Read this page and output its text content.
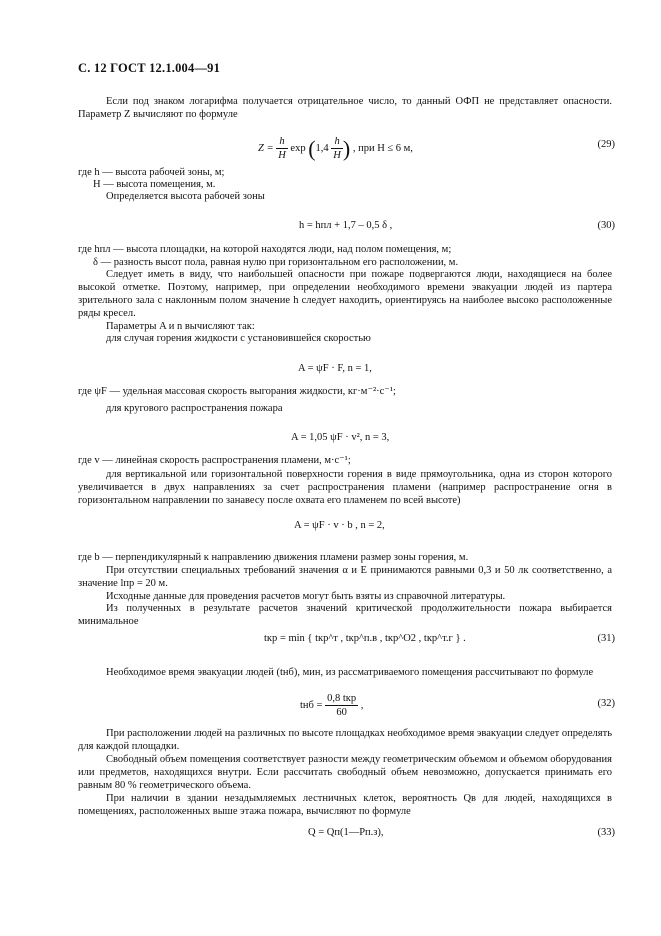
С. 12 ГОСТ 12.1.004—91
Если под знаком логарифма получается отрицательное число, то данный ОФП не представляет опасности. Параметр Z вычисляют по формуле
$Z = \frac{h}{H}$ $\exp (1,4 \frac{h}{H}$ ) , при H ≤ 6 м,	(29)
где h — высота рабочей зоны, м;
H — высота помещения, м.
Определяется высота рабочей зоны
h = hпл + 1,7 – 0,5 δ ,	(30)
где hпл — высота площадки, на которой находятся люди, над полом помещения, м;
δ — разность высот пола, равная нулю при горизонтальном его расположении, м.
Следует иметь в виду, что наибольшей опасности при пожаре подвергаются люди, находящиеся на более высокой отметке. Поэтому, например, при определении необходимого времени эвакуации людей из партера зрительного зала с наклонным полом значение h следует находить, ориентируясь на наиболее высоко расположенные ряды кресел.
Параметры A и n вычисляют так:
для случая горения жидкости с установившейся скоростью
A = ψF · F, n = 1,
где ψF — удельная массовая скорость выгорания жидкости, кг·м⁻²·с⁻¹;
для кругового распространения пожара
A = 1,05 ψF · v², n = 3,
где v — линейная скорость распространения пламени, м·с⁻¹;
для вертикальной или горизонтальной поверхности горения в виде прямоугольника, одна из сторон которого увеличивается в двух направлениях за счет распространения пламени (например распространение огня в горизонтальном направлении по занавесу после охвата его пламенем по всей высоте)
A = ψF · v · b , n = 2,
где b — перпендикулярный к направлению движения пламени размер зоны горения, м.
При отсутствии специальных требований значения α и E принимаются равными 0,3 и 50 лк соответственно, а значение lпр = 20 м.
Исходные данные для проведения расчетов могут быть взяты из справочной литературы.
Из полученных в результате расчетов значений критической продолжительности пожара выбирается минимальное
tкр = min { tкр^т , tкр^п.в , tкр^O2 , tкр^т.г } .	(31)
Необходимое время эвакуации людей (tнб), мин, из рассматриваемого помещения рассчитывают по формуле
tнб = $\frac{\text{0,8 tкр}}{60}$ ,	(32)
При расположении людей на различных по высоте площадках необходимое время эвакуации следует определять для каждой площадки.
Свободный объем помещения соответствует разности между геометрическим объемом и объемом оборудования или предметов, находящихся внутри. Если рассчитать свободный объем невозможно, допускается принимать его равным 80 % геометрического объема.
При наличии в здании незадымляемых лестничных клеток, вероятность Qв для людей, находящихся в помещениях, расположенных выше этажа пожара, вычисляют по формуле
Q = Qп(1—Pп.з),	(33)
